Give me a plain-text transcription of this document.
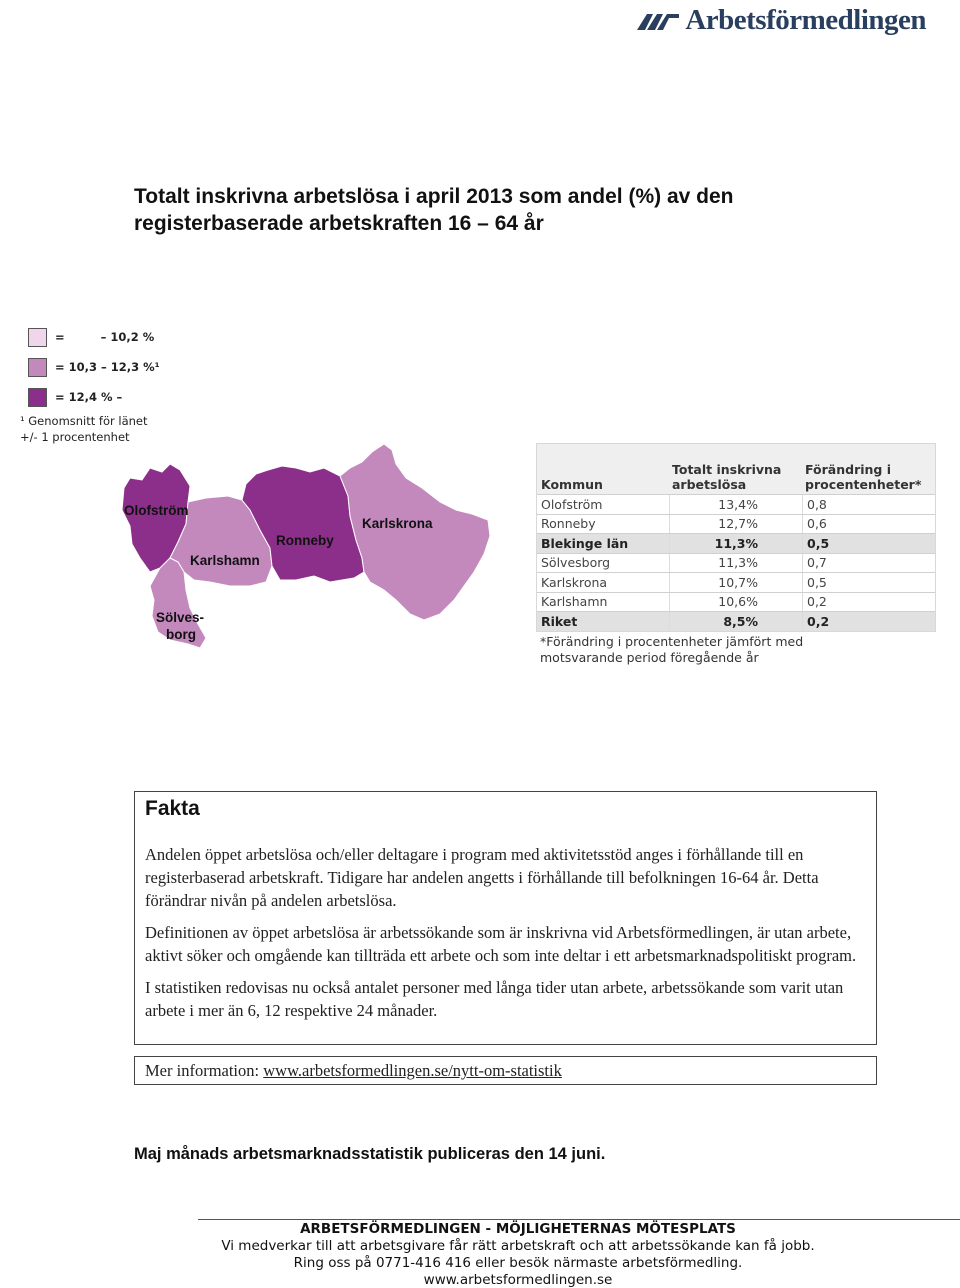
Arbetsförmedlingen
Totalt inskrivna arbetslösa i april 2013 som andel (%) av den registerbaserade arbetskraften 16 – 64 år
=         – 10,2 %
= 10,3 – 12,3 %¹
= 12,4 % –
¹ Genomsnitt för länet
+/- 1 procentenhet
Olofström
Karlshamn
Ronneby
Karlskrona
Sölves-
borg
Kommun
Totalt inskrivna
arbetslösa
Förändring i
procentenheter*
Olofström	13,4%	0,8
Ronneby	12,7%	0,6
Blekinge län	11,3%	0,5
Sölvesborg	11,3%	0,7
Karlskrona	10,7%	0,5
Karlshamn	10,6%	0,2
Riket	8,5%	0,2
*Förändring i procentenheter jämfört med
motsvarande period föregående år
Fakta

Andelen öppet arbetslösa och/eller deltagare i program med aktivitetsstöd anges i förhållande till en registerbaserad arbetskraft. Tidigare har andelen angetts i förhållande till befolkningen 16-64 år. Detta förändrar nivån på andelen arbetslösa.

Definitionen av öppet arbetslösa är arbetssökande som är inskrivna vid Arbetsförmedlingen, är utan arbete, aktivt söker och omgående kan tillträda ett arbete och som inte deltar i ett arbetsmarknadspolitiskt program.

I statistiken redovisas nu också antalet personer med långa tider utan arbete, arbetssökande som varit utan arbete i mer än 6, 12 respektive 24 månader.

Mer information: www.arbetsformedlingen.se/nytt-om-statistik
Maj månads arbetsmarknadsstatistik publiceras den 14 juni.
ARBETSFÖRMEDLINGEN - MÖJLIGHETERNAS MÖTESPLATS
Vi medverkar till att arbetsgivare får rätt arbetskraft och att arbetssökande kan få jobb.
Ring oss på 0771-416 416 eller besök närmaste arbetsförmedling.
www.arbetsformedlingen.se
